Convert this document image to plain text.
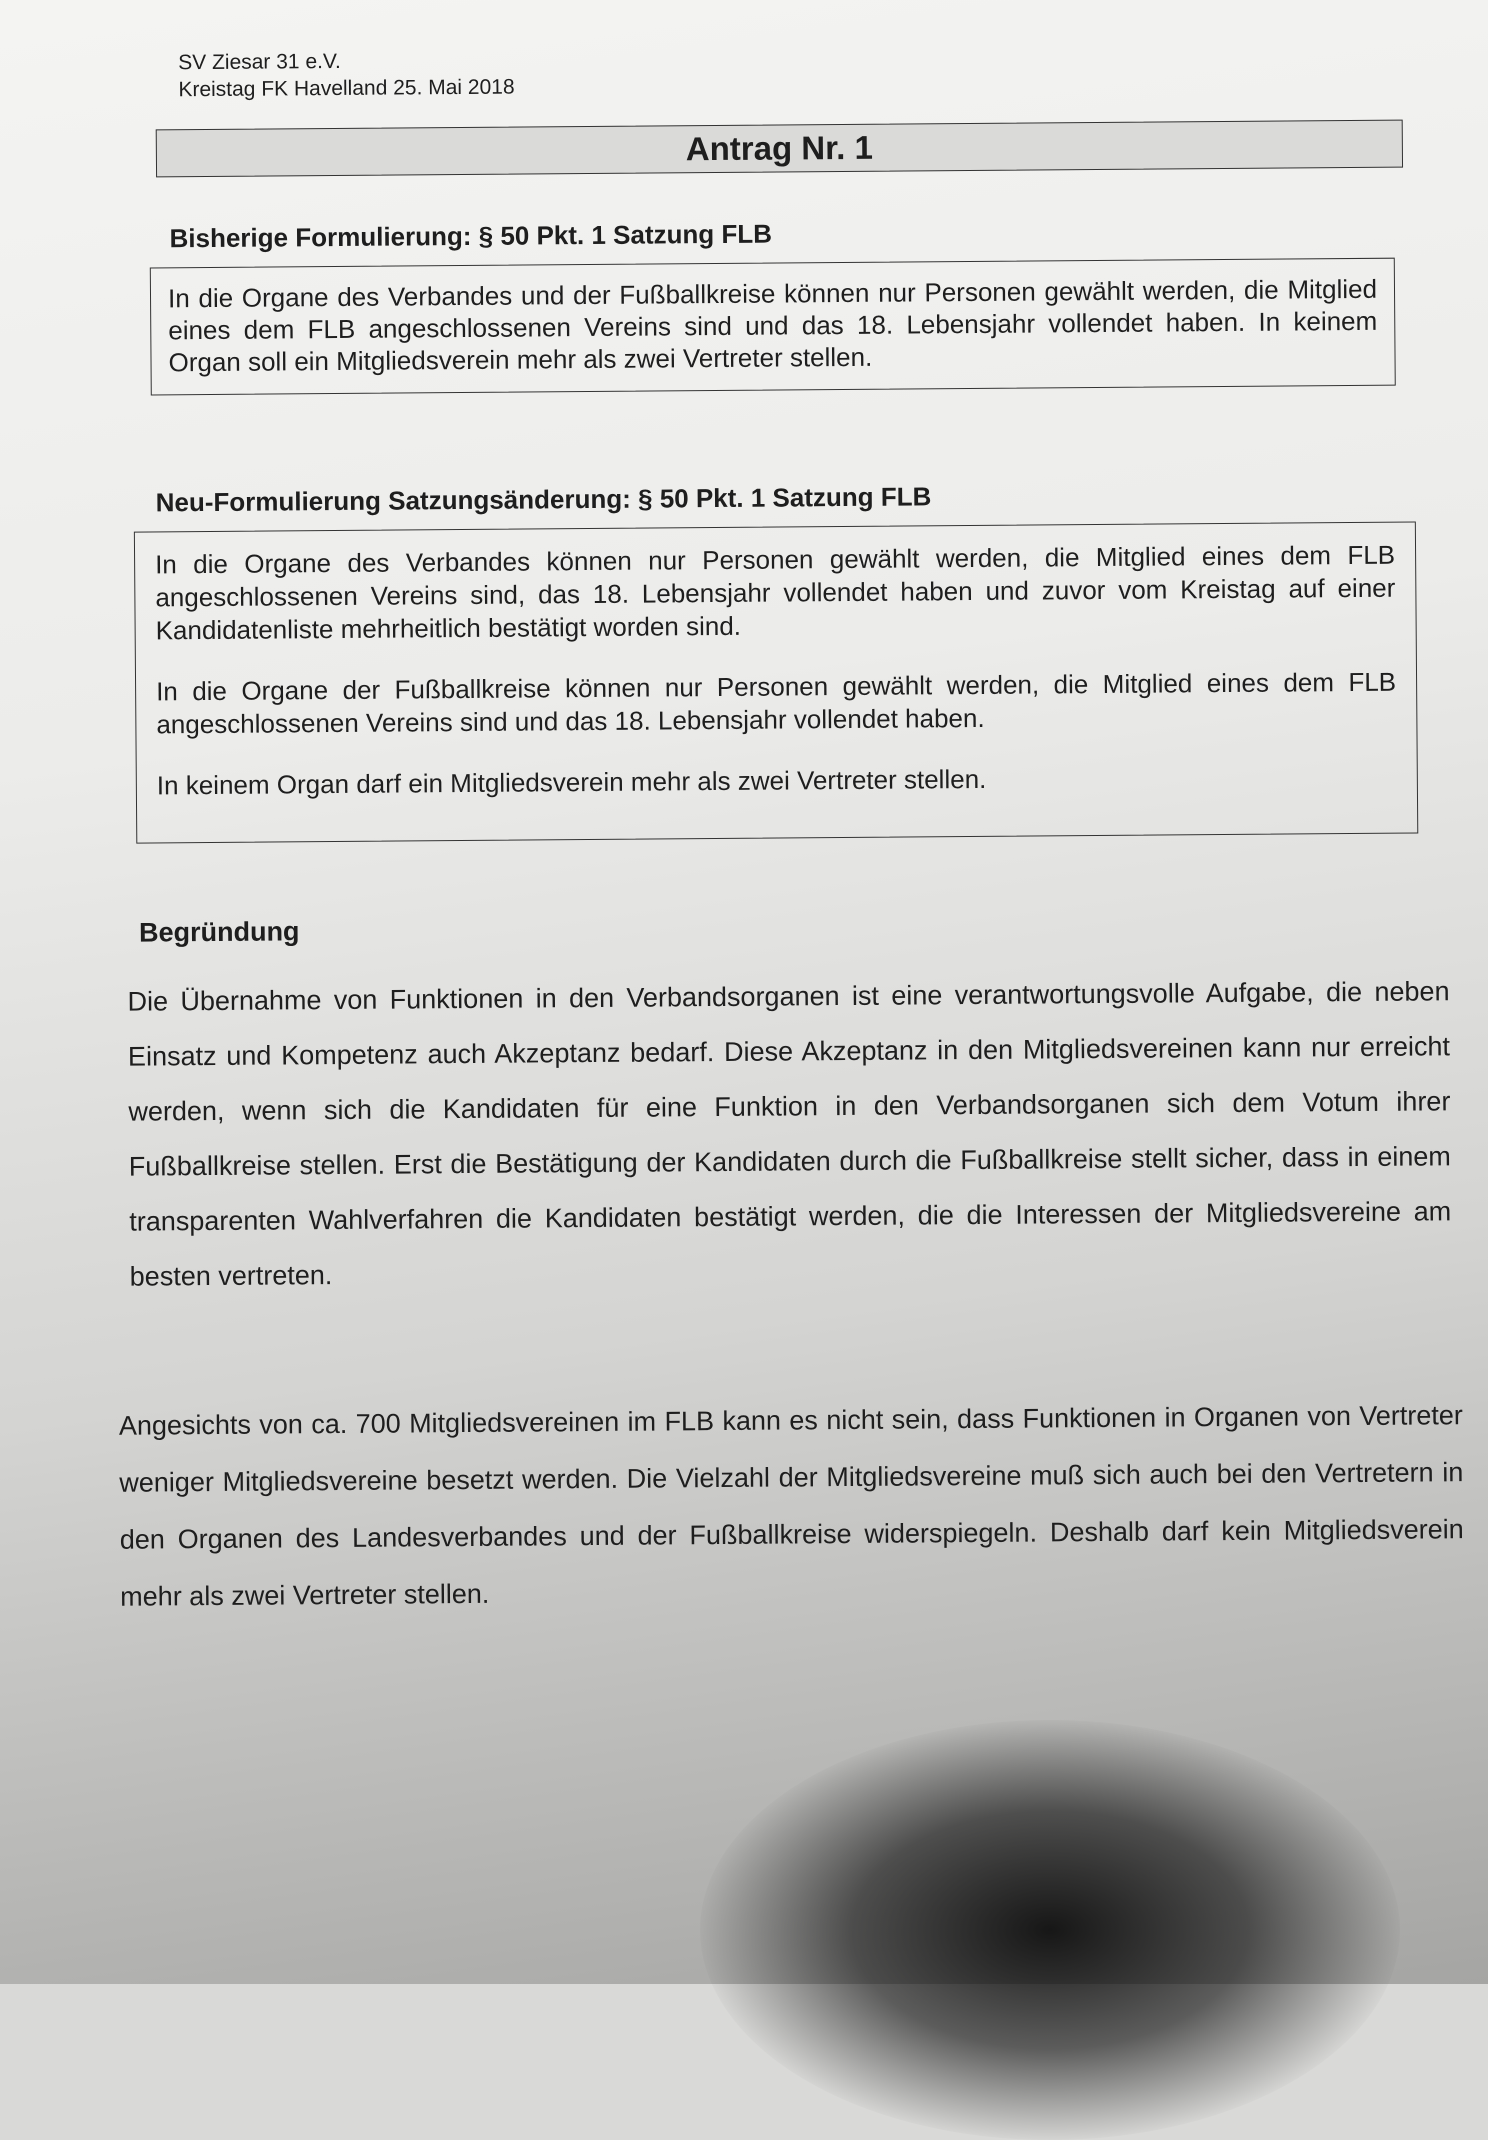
SV Ziesar 31 e.V.
Kreistag FK Havelland 25. Mai 2018
Antrag Nr. 1
Bisherige Formulierung: § 50 Pkt. 1 Satzung FLB
In die Organe des Verbandes und der Fußballkreise können nur Personen gewählt werden, die Mitglied eines dem FLB angeschlossenen Vereins sind und das 18. Lebensjahr vollendet haben. In keinem Organ soll ein Mitgliedsverein mehr als zwei Vertreter stellen.
Neu-Formulierung Satzungsänderung: § 50 Pkt. 1 Satzung FLB

In die Organe des Verbandes können nur Personen gewählt werden, die Mitglied eines dem FLB angeschlossenen Vereins sind, das 18. Lebensjahr vollendet haben und zuvor vom Kreistag auf einer Kandidatenliste mehrheitlich bestätigt worden sind.

In die Organe der Fußballkreise können nur Personen gewählt werden, die Mitglied eines dem FLB angeschlossenen Vereins sind und das 18. Lebensjahr vollendet haben.

In keinem Organ darf ein Mitgliedsverein mehr als zwei Vertreter stellen.

Begründung
Die Übernahme von Funktionen in den Verbandsorganen ist eine verantwortungsvolle Aufgabe, die neben Einsatz und Kompetenz auch Akzeptanz bedarf. Diese Akzeptanz in den Mitgliedsvereinen kann nur erreicht werden, wenn sich die Kandidaten für eine Funktion in den Verbandsorganen sich dem Votum ihrer Fußballkreise stellen. Erst die Bestätigung der Kandidaten durch die Fußballkreise stellt sicher, dass in einem transparenten Wahlverfahren die Kandidaten bestätigt werden, die die Interessen der Mitgliedsvereine am besten vertreten.
Angesichts von ca. 700 Mitgliedsvereinen im FLB kann es nicht sein, dass Funktionen in Organen von Vertreter weniger Mitgliedsvereine besetzt werden. Die Vielzahl der Mitgliedsvereine muß sich auch bei den Vertretern in den Organen des Landesverbandes und der Fußballkreise widerspiegeln. Deshalb darf kein Mitgliedsverein mehr als zwei Vertreter stellen.
